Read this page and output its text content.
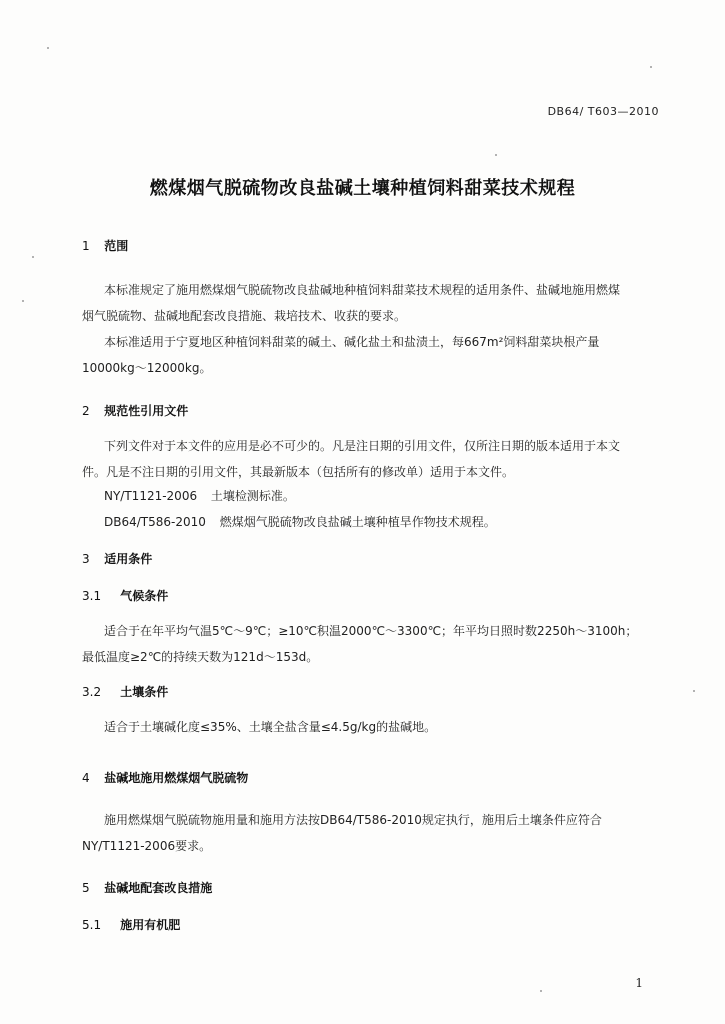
DB64/ T603—2010
燃煤烟气脱硫物改良盐碱土壤种植饲料甜菜技术规程
1 范围
本标准规定了施用燃煤烟气脱硫物改良盐碱地种植饲料甜菜技术规程的适用条件、盐碱地施用燃煤
烟气脱硫物、盐碱地配套改良措施、栽培技术、收获的要求。
本标准适用于宁夏地区种植饲料甜菜的碱土、碱化盐土和盐渍土，每667m²饲料甜菜块根产量
10000kg～12000kg。
2 规范性引用文件
下列文件对于本文件的应用是必不可少的。凡是注日期的引用文件，仅所注日期的版本适用于本文
件。凡是不注日期的引用文件，其最新版本（包括所有的修改单）适用于本文件。
NY/T1121-2006 土壤检测标准。
DB64/T586-2010 燃煤烟气脱硫物改良盐碱土壤种植旱作物技术规程。
3 适用条件
3.1 气候条件
适合于在年平均气温5℃～9℃；≥10℃积温2000℃～3300℃；年平均日照时数2250h～3100h；
最低温度≥2℃的持续天数为121d～153d。
3.2 土壤条件
适合于土壤碱化度≤35%、土壤全盐含量≤4.5g/kg的盐碱地。
4 盐碱地施用燃煤烟气脱硫物
施用燃煤烟气脱硫物施用量和施用方法按DB64/T586-2010规定执行，施用后土壤条件应符合
NY/T1121-2006要求。
5 盐碱地配套改良措施
5.1 施用有机肥
1
